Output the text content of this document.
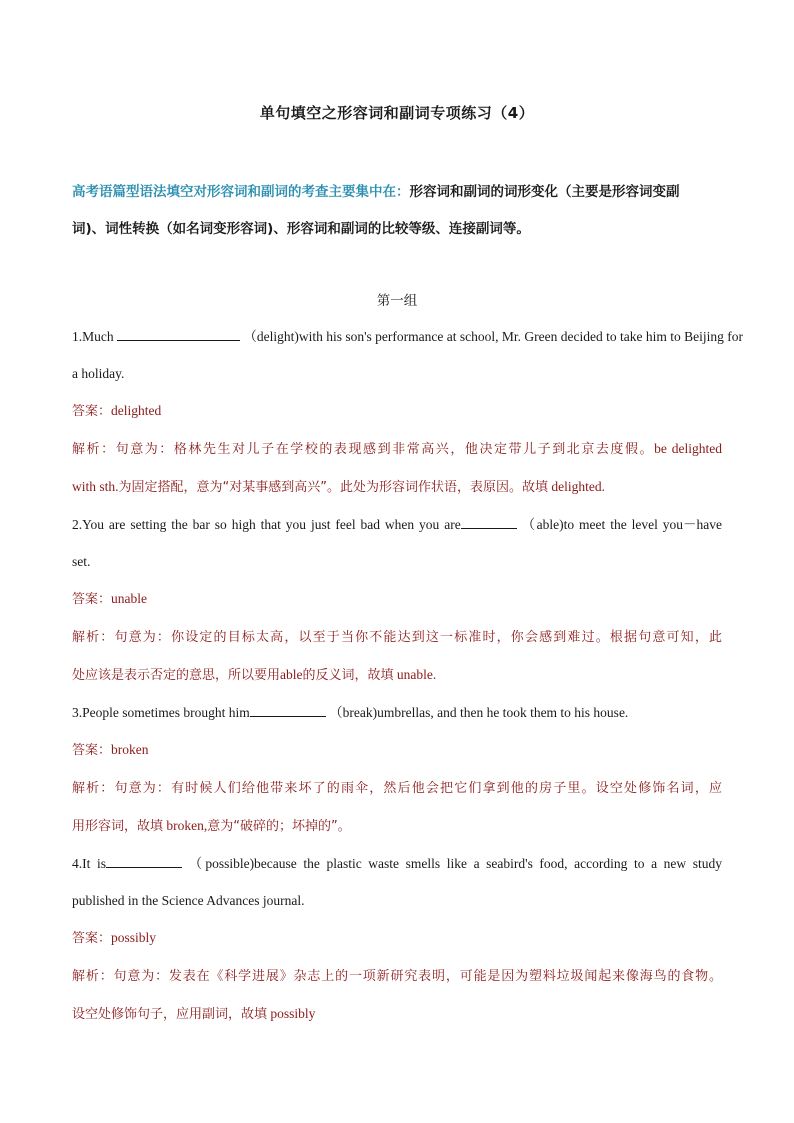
单句填空之形容词和副词专项练习（4）
高考语篇型语法填空对形容词和副词的考查主要集中在：形容词和副词的词形变化（主要是形容词变副
词)、词性转换（如名词变形容词)、形容词和副词的比较等级、连接副词等。
第一组
1.Much	（delight)with his son's performance at school, Mr. Green decided to take him to Beijing for
a holiday.
答案：delighted
解析：句意为：格林先生对儿子在学校的表现感到非常高兴，他决定带儿子到北京去度假。be delighted
with sth.为固定搭配，意为“对某事感到高兴”。此处为形容词作状语，表原因。故填 delighted.
2.You are setting the bar so high that you just feel bad when you are	（able)to meet the level you－have
set.
答案：unable
解析：句意为：你设定的目标太高，以至于当你不能达到这一标准时，你会感到难过。根据句意可知，此
处应该是表示否定的意思，所以要用able的反义词，故填 unable.
3.People sometimes brought him	（break)umbrellas, and then he took them to his house.
答案：broken
解析：句意为：有时候人们给他带来坏了的雨伞，然后他会把它们拿到他的房子里。设空处修饰名词，应
用形容词，故填 broken,意为“破碎的；坏掉的”。
4.It is	（possible)because the plastic waste smells like a seabird's food, according to a new study
published in the Science Advances journal.
答案：possibly
解析：句意为：发表在《科学进展》杂志上的一项新研究表明，可能是因为塑料垃圾闻起来像海鸟的食物。
设空处修饰句子，应用副词，故填 possibly
